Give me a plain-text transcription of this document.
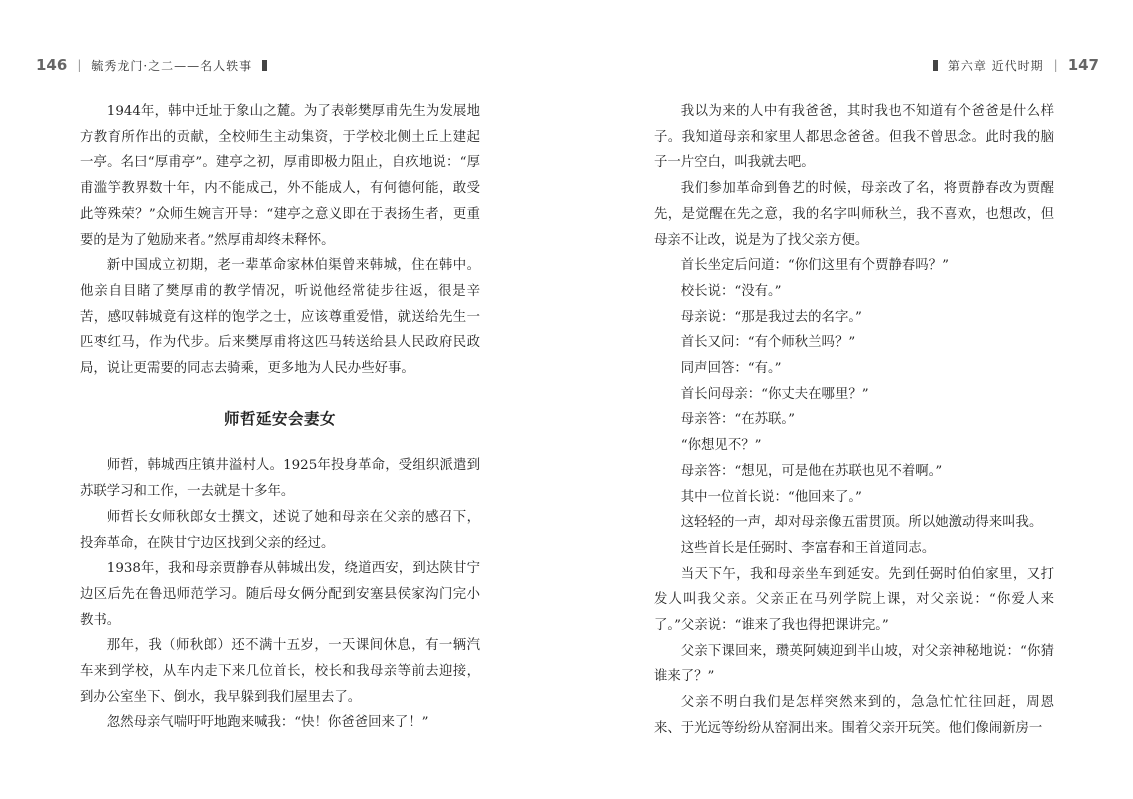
146 | 毓秀龙门·之二——名人轶事	第六章 近代时期 | 147

1944年，韩中迁址于象山之麓。为了表彰樊厚甫先生为发展地方教育所作出的贡献，全校师生主动集资，于学校北侧土丘上建起一亭。名曰“厚甫亭”。建亭之初，厚甫即极力阻止，自疚地说：“厚甫滥竽教界数十年，内不能成己，外不能成人，有何德何能，敢受此等殊荣？”众师生婉言开导：“建亭之意义即在于表扬生者，更重要的是为了勉励来者。”然厚甫却终未释怀。

新中国成立初期，老一辈革命家林伯渠曾来韩城，住在韩中。他亲自目睹了樊厚甫的教学情况，听说他经常徒步往返，很是辛苦，感叹韩城竟有这样的饱学之士，应该尊重爱惜，就送给先生一匹枣红马，作为代步。后来樊厚甫将这匹马转送给县人民政府民政局，说让更需要的同志去骑乘，更多地为人民办些好事。

师哲延安会妻女

师哲，韩城西庄镇井溢村人。1925年投身革命，受组织派遣到苏联学习和工作，一去就是十多年。

师哲长女师秋郎女士撰文，述说了她和母亲在父亲的感召下，投奔革命，在陕甘宁边区找到父亲的经过。

1938年，我和母亲贾静春从韩城出发，绕道西安，到达陕甘宁边区后先在鲁迅师范学习。随后母女俩分配到安塞县侯家沟门完小教书。

那年，我（师秋郎）还不满十五岁，一天课间休息，有一辆汽车来到学校，从车内走下来几位首长，校长和我母亲等前去迎接，到办公室坐下、倒水，我早躲到我们屋里去了。

忽然母亲气喘吁吁地跑来喊我：“快！你爸爸回来了！”

我以为来的人中有我爸爸，其时我也不知道有个爸爸是什么样子。我知道母亲和家里人都思念爸爸。但我不曾思念。此时我的脑子一片空白，叫我就去吧。

我们参加革命到鲁艺的时候，母亲改了名，将贾静春改为贾醒先，是觉醒在先之意，我的名字叫师秋兰，我不喜欢，也想改，但母亲不让改，说是为了找父亲方便。

首长坐定后问道：“你们这里有个贾静春吗？”

校长说：“没有。”

母亲说：“那是我过去的名字。”

首长又问：“有个师秋兰吗？”

同声回答：“有。”

首长问母亲：“你丈夫在哪里？”

母亲答：“在苏联。”

“你想见不？”

母亲答：“想见，可是他在苏联也见不着啊。”

其中一位首长说：“他回来了。”

这轻轻的一声，却对母亲像五雷贯顶。所以她激动得来叫我。

这些首长是任弼时、李富春和王首道同志。

当天下午，我和母亲坐车到延安。先到任弼时伯伯家里，又打发人叫我父亲。父亲正在马列学院上课，对父亲说：“你爱人来了。”父亲说：“谁来了我也得把课讲完。”

父亲下课回来，瓒英阿姨迎到半山坡，对父亲神秘地说：“你猜谁来了？”

父亲不明白我们是怎样突然来到的，急急忙忙往回赶，周恩来、于光远等纷纷从窑洞出来。围着父亲开玩笑。他们像闹新房一
